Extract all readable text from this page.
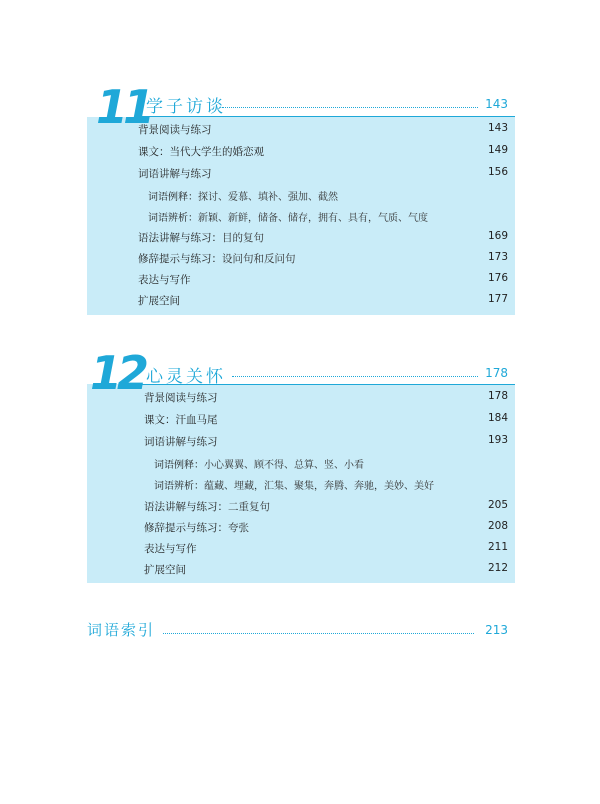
11
学子访谈	143
背景阅读与练习	143
课文：当代大学生的婚恋观	149
词语讲解与练习	156
词语例释：探讨、爱慕、填补、强加、截然
词语辨析：新颖、新鲜，储备、储存，拥有、具有，气质、气度
语法讲解与练习：目的复句	169
修辞提示与练习：设问句和反问句	173
表达与写作	176
扩展空间	177
12 心灵关怀	178
背景阅读与练习	178
课文：汗血马尾	184
词语讲解与练习	193
词语例释：小心翼翼、顾不得、总算、竖、小看
词语辨析：蕴藏、埋藏，汇集、聚集，奔腾、奔驰，美妙、美好
语法讲解与练习：二重复句	205
修辞提示与练习：夸张	208
表达与写作	211
扩展空间	212
词语索引	213
